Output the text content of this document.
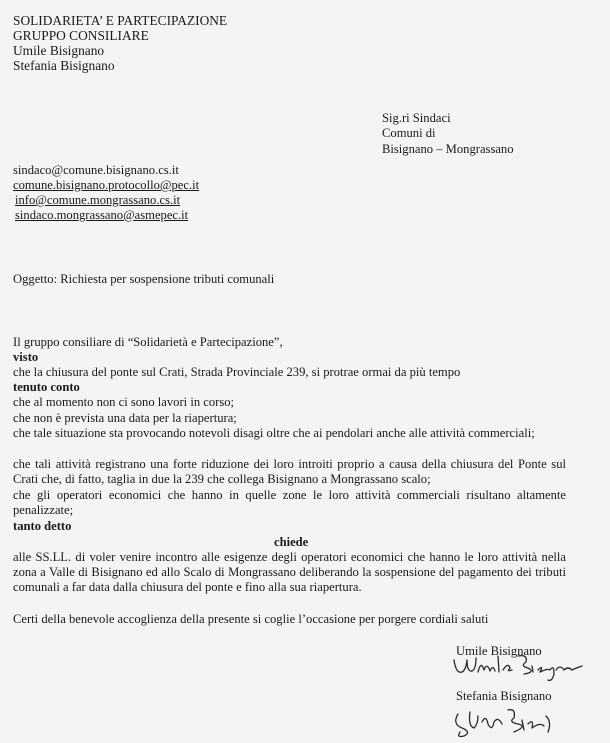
SOLIDARIETA’ E PARTECIPAZIONE
GRUPPO CONSILIARE
Umile Bisignano
Stefania Bisignano
Sig.ri Sindaci
Comuni di
Bisignano – Mongrassano
sindaco@comune.bisignano.cs.it
comune.bisignano.protocollo@pec.it
info@comune.mongrassano.cs.it
sindaco.mongrassano@asmepec.it
Oggetto: Richiesta per sospensione tributi comunali
Il gruppo consiliare di “Solidarietà e Partecipazione”,
visto
che la chiusura del ponte sul Crati, Strada Provinciale 239, si protrae ormai da più tempo
tenuto conto
che al momento non ci sono lavori in corso;
che non è prevista una data per la riapertura;
che tale situazione sta provocando notevoli disagi oltre che ai pendolari anche alle attività commerciali;
che tali attività registrano una forte riduzione dei loro introiti proprio a causa della chiusura del Ponte sul Crati che, di fatto, taglia in due la 239 che collega Bisignano a Mongrassano scalo;
che gli operatori economici che hanno in quelle zone le loro attività commerciali risultano altamente penalizzate;
tanto detto
chiede
alle SS.LL. di voler venire incontro alle esigenze degli operatori economici che hanno le loro attività nella zona a Valle di Bisignano ed allo Scalo di Mongrassano deliberando la sospensione del pagamento dei tributi comunali a far data dalla chiusura del ponte e fino alla sua riapertura.
Certi della benevole accoglienza della presente si coglie l’occasione per porgere cordiali saluti
Umile Bisignano
Stefania Bisignano
